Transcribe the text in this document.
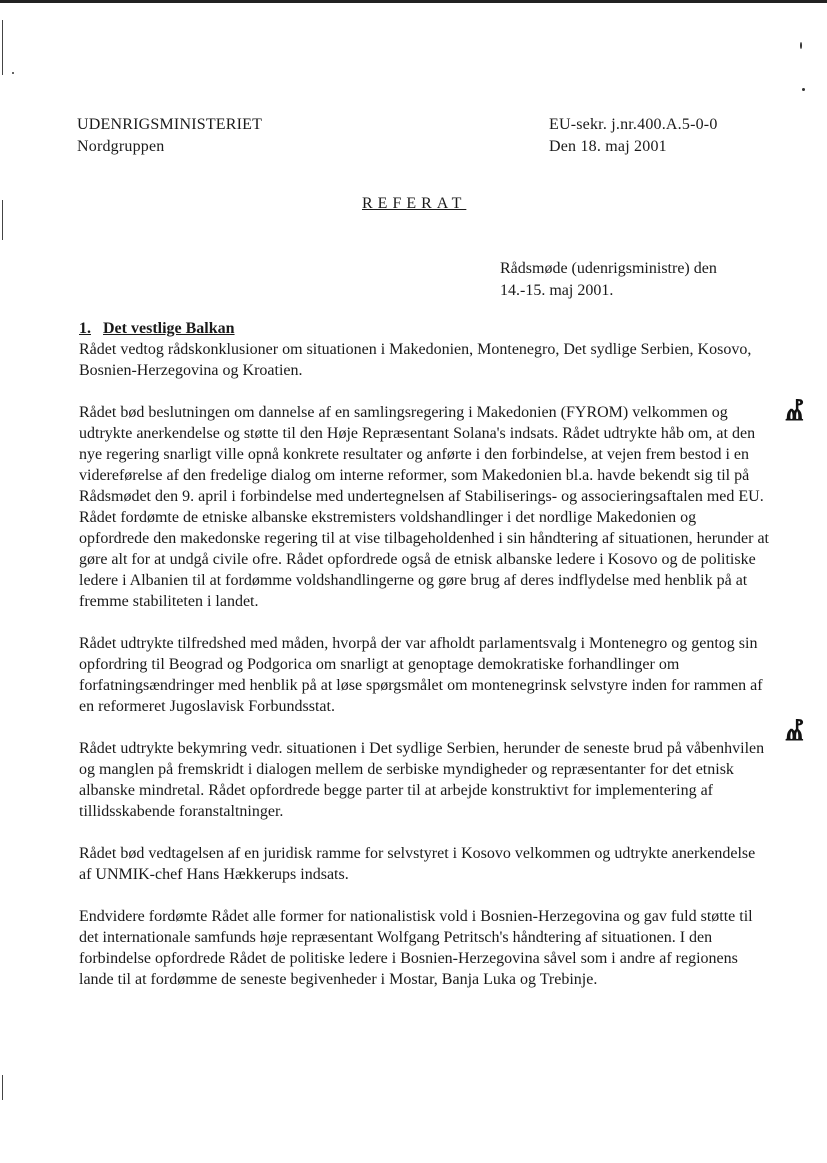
Ⰼ
Ⰼ
UDENRIGSMINISTERIET
Nordgruppen
EU-sekr. j.nr.400.A.5-0-0
Den 18. maj 2001
REFERAT
Rådsmøde (udenrigsministre) den
14.-15. maj 2001.

1. Det vestlige Balkan

Rådet vedtog rådskonklusioner om situationen i Makedonien, Montenegro, Det sydlige Serbien, Kosovo, Bosnien-Herzegovina og Kroatien.

Rådet bød beslutningen om dannelse af en samlingsregering i Makedonien (FYROM) velkommen og udtrykte anerkendelse og støtte til den Høje Repræsentant Solana's indsats. Rådet udtrykte håb om, at den nye regering snarligt ville opnå konkrete resultater og anførte i den forbindelse, at vejen frem bestod i en videreførelse af den fredelige dialog om interne reformer, som Makedonien bl.a. havde bekendt sig til på Rådsmødet den 9. april i forbindelse med undertegnelsen af Stabiliserings- og associeringsaftalen med EU. Rådet fordømte de etniske albanske ekstremisters voldshandlinger i det nordlige Makedonien og opfordrede den makedonske regering til at vise tilbageholdenhed i sin håndtering af situationen, herunder at gøre alt for at undgå civile ofre. Rådet opfordrede også de etnisk albanske ledere i Kosovo og de politiske ledere i Albanien til at fordømme voldshandlingerne og gøre brug af deres indflydelse med henblik på at fremme stabiliteten i landet.

Rådet udtrykte tilfredshed med måden, hvorpå der var afholdt parlamentsvalg i Montenegro og gentog sin opfordring til Beograd og Podgorica om snarligt at genoptage demokratiske forhandlinger om forfatningsændringer med henblik på at løse spørgsmålet om montenegrinsk selvstyre inden for rammen af en reformeret Jugoslavisk Forbundsstat.

Rådet udtrykte bekymring vedr. situationen i Det sydlige Serbien, herunder de seneste brud på våbenhvilen og manglen på fremskridt i dialogen mellem de serbiske myndigheder og repræsentanter for det etnisk albanske mindretal. Rådet opfordrede begge parter til at arbejde konstruktivt for implementering af tillidsskabende foranstaltninger.

Rådet bød vedtagelsen af en juridisk ramme for selvstyret i Kosovo velkommen og udtrykte anerkendelse af UNMIK-chef Hans Hækkerups indsats.

Endvidere fordømte Rådet alle former for nationalistisk vold i Bosnien-Herzegovina og gav fuld støtte til det internationale samfunds høje repræsentant Wolfgang Petritsch's håndtering af situationen. I den forbindelse opfordrede Rådet de politiske ledere i Bosnien-Herzegovina såvel som i andre af regionens lande til at fordømme de seneste begivenheder i Mostar, Banja Luka og Trebinje.
